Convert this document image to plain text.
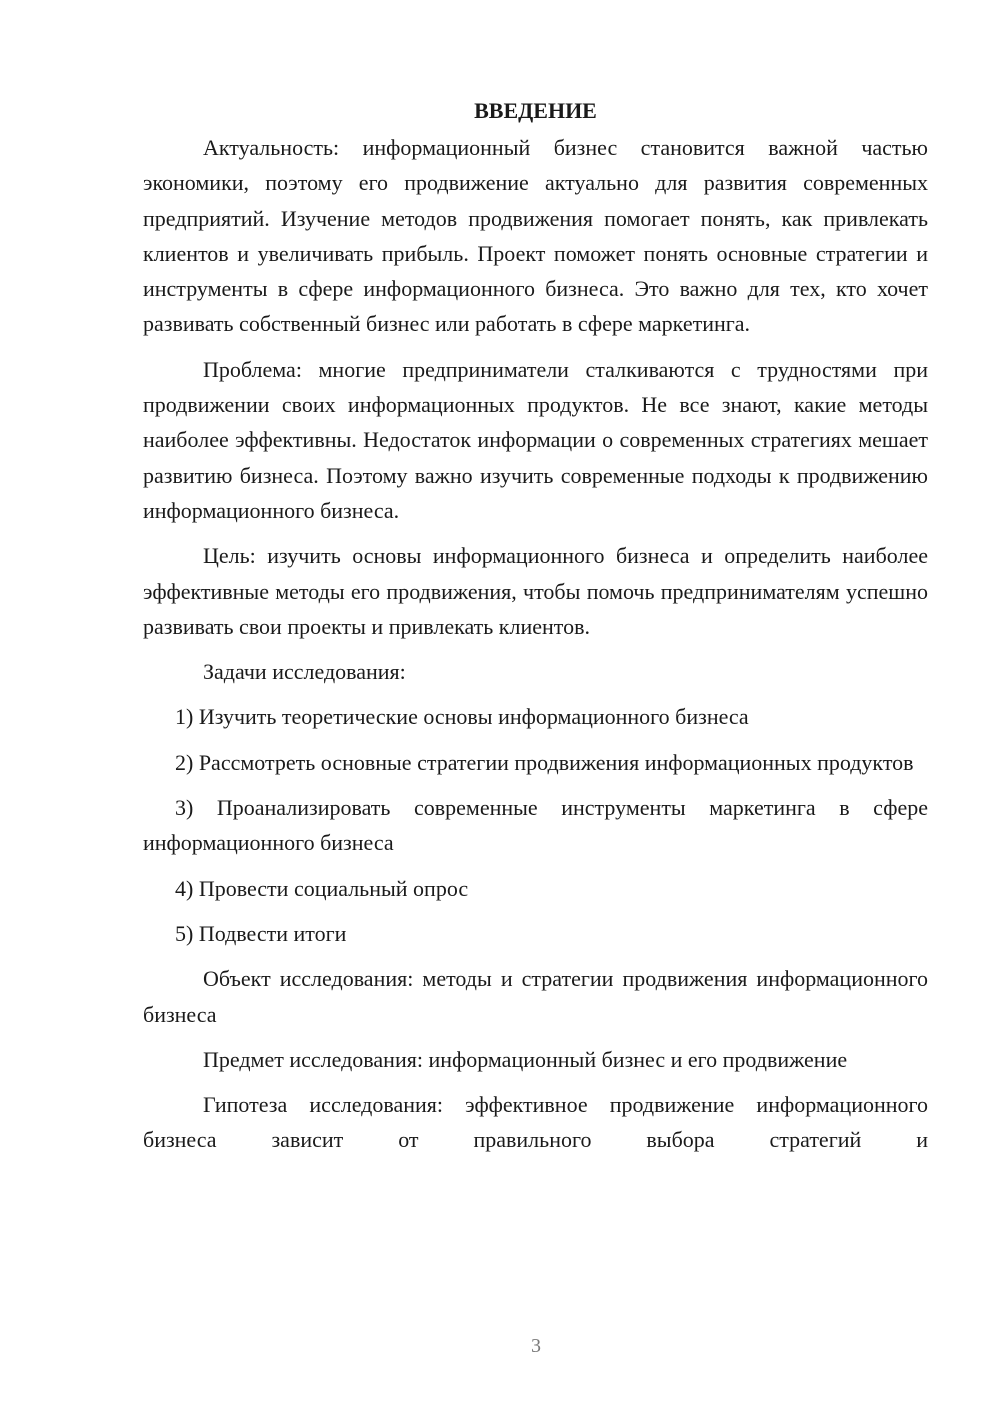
ВВЕДЕНИЕ

Актуальность: информационный бизнес становится важной частью экономики, поэтому его продвижение актуально для развития современных предприятий. Изучение методов продвижения помогает понять, как привлекать клиентов и увеличивать прибыль. Проект поможет понять основные стратегии и инструменты в сфере информационного бизнеса. Это важно для тех, кто хочет развивать собственный бизнес или работать в сфере маркетинга.

Проблема: многие предприниматели сталкиваются с трудностями при продвижении своих информационных продуктов. Не все знают, какие методы наиболее эффективны. Недостаток информации о современных стратегиях мешает развитию бизнеса. Поэтому важно изучить современные подходы к продвижению информационного бизнеса.

Цель: изучить основы информационного бизнеса и определить наиболее эффективные методы его продвижения, чтобы помочь предпринимателям успешно развивать свои проекты и привлекать клиентов.

Задачи исследования:

1) Изучить теоретические основы информационного бизнеса

2) Рассмотреть основные стратегии продвижения информационных продуктов

3) Проанализировать современные инструменты маркетинга в сфере информационного бизнеса

4) Провести социальный опрос

5) Подвести итоги

Объект исследования: методы и стратегии продвижения информационного бизнеса

Предмет исследования: информационный бизнес и его продвижение

Гипотеза исследования: эффективное продвижение информационного бизнеса зависит от правильного выбора стратегий и

3
